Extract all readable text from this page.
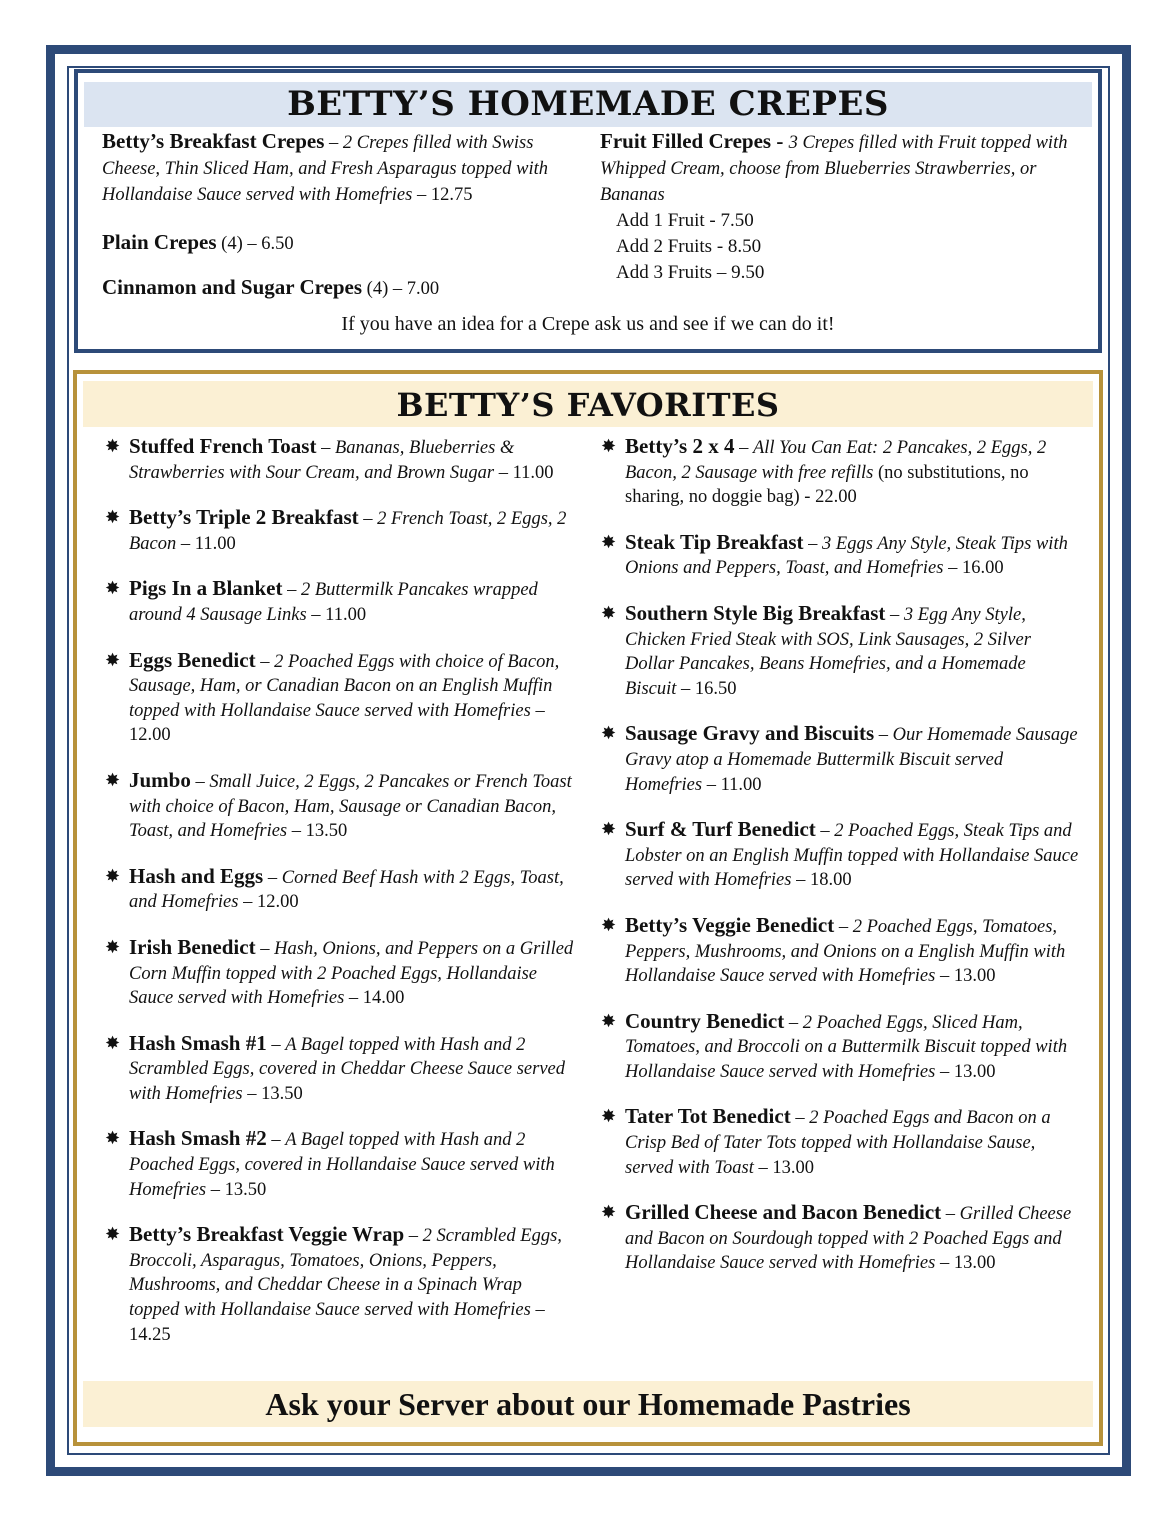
BETTY’S HOMEMADE CREPES
Betty’s Breakfast Crepes – 2 Crepes filled with Swiss Cheese, Thin Sliced Ham, and Fresh Asparagus topped with Hollandaise Sauce served with Homefries – 12.75
Plain Crepes (4) – 6.50
Cinnamon and Sugar Crepes (4) – 7.00
Fruit Filled Crepes - 3 Crepes filled with Fruit topped with Whipped Cream, choose from Blueberries Strawberries, or Bananas
Add 1 Fruit - 7.50
Add 2 Fruits - 8.50
Add 3 Fruits – 9.50
If you have an idea for a Crepe ask us and see if we can do it!
BETTY’S FAVORITES
✸ Stuffed French Toast – Bananas, Blueberries & Strawberries with Sour Cream, and Brown Sugar – 11.00
✸ Betty’s Triple 2 Breakfast – 2 French Toast, 2 Eggs, 2 Bacon – 11.00
✸ Pigs In a Blanket – 2 Buttermilk Pancakes wrapped around 4 Sausage Links – 11.00
✸ Eggs Benedict – 2 Poached Eggs with choice of Bacon, Sausage, Ham, or Canadian Bacon on an English Muffin topped with Hollandaise Sauce served with Homefries – 12.00
✸ Jumbo – Small Juice, 2 Eggs, 2 Pancakes or French Toast with choice of Bacon, Ham, Sausage or Canadian Bacon, Toast, and Homefries – 13.50
✸ Hash and Eggs – Corned Beef Hash with 2 Eggs, Toast, and Homefries – 12.00
✸ Irish Benedict – Hash, Onions, and Peppers on a Grilled Corn Muffin topped with 2 Poached Eggs, Hollandaise Sauce served with Homefries – 14.00
✸ Hash Smash #1 – A Bagel topped with Hash and 2 Scrambled Eggs, covered in Cheddar Cheese Sauce served with Homefries – 13.50
✸ Hash Smash #2 – A Bagel topped with Hash and 2 Poached Eggs, covered in Hollandaise Sauce served with Homefries – 13.50
✸ Betty’s Breakfast Veggie Wrap – 2 Scrambled Eggs, Broccoli, Asparagus, Tomatoes, Onions, Peppers, Mushrooms, and Cheddar Cheese in a Spinach Wrap topped with Hollandaise Sauce served with Homefries – 14.25
✸ Betty’s 2 x 4 – All You Can Eat: 2 Pancakes, 2 Eggs, 2 Bacon, 2 Sausage with free refills (no substitutions, no sharing, no doggie bag) - 22.00
✸ Steak Tip Breakfast – 3 Eggs Any Style, Steak Tips with Onions and Peppers, Toast, and Homefries – 16.00
✸ Southern Style Big Breakfast – 3 Egg Any Style, Chicken Fried Steak with SOS, Link Sausages, 2 Silver Dollar Pancakes, Beans Homefries, and a Homemade Biscuit – 16.50
✸ Sausage Gravy and Biscuits – Our Homemade Sausage Gravy atop a Homemade Buttermilk Biscuit served Homefries – 11.00
✸ Surf & Turf Benedict – 2 Poached Eggs, Steak Tips and Lobster on an English Muffin topped with Hollandaise Sauce served with Homefries – 18.00
✸ Betty’s Veggie Benedict – 2 Poached Eggs, Tomatoes, Peppers, Mushrooms, and Onions on a English Muffin with Hollandaise Sauce served with Homefries – 13.00
✸ Country Benedict – 2 Poached Eggs, Sliced Ham, Tomatoes, and Broccoli on a Buttermilk Biscuit topped with Hollandaise Sauce served with Homefries – 13.00
✸ Tater Tot Benedict – 2 Poached Eggs and Bacon on a Crisp Bed of Tater Tots topped with Hollandaise Sause, served with Toast – 13.00
✸ Grilled Cheese and Bacon Benedict – Grilled Cheese and Bacon on Sourdough topped with 2 Poached Eggs and Hollandaise Sauce served with Homefries – 13.00
Ask your Server about our Homemade Pastries
